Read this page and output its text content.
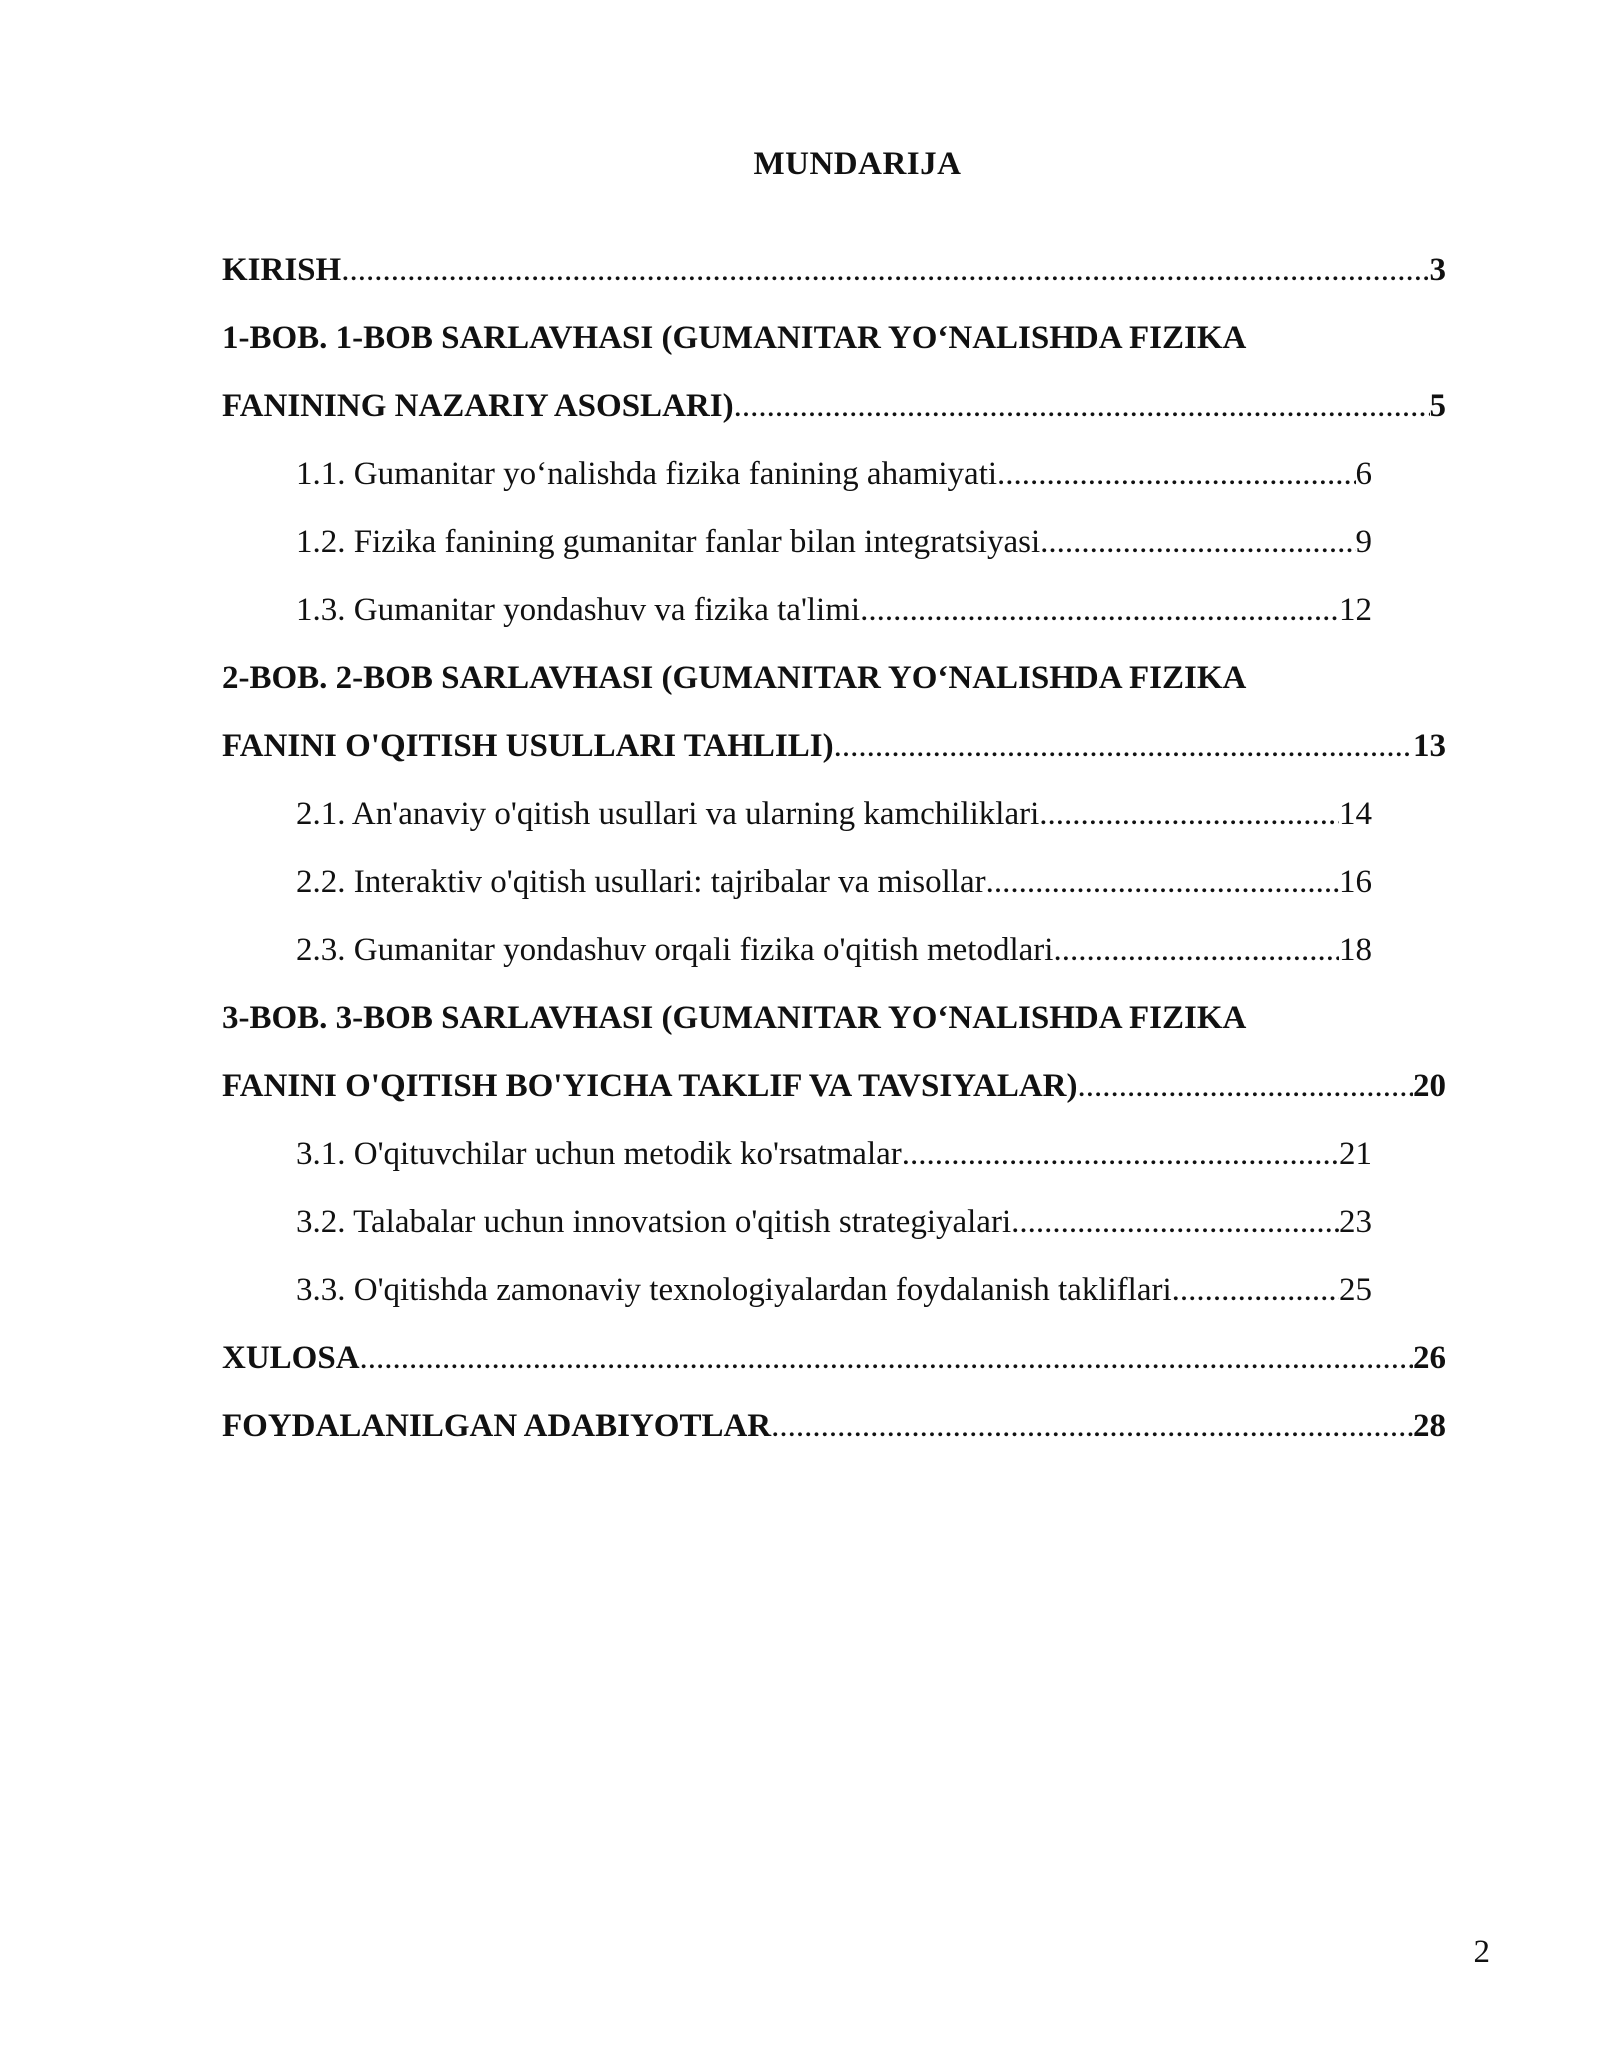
MUNDARIJA
KIRISH .....	3
1-BOB. 1-BOB SARLAVHASI (GUMANITAR YO‘NALISHDA FIZIKA
FANINING NAZARIY ASOSLARI) .....	5
1.1. Gumanitar yo‘nalishda fizika fanining ahamiyati .....	6
1.2. Fizika fanining gumanitar fanlar bilan integratsiyasi .....	9
1.3. Gumanitar yondashuv va fizika ta'limi .....	12
2-BOB. 2-BOB SARLAVHASI (GUMANITAR YO‘NALISHDA FIZIKA
FANINI O'QITISH USULLARI TAHLILI) .....	13
2.1. An'anaviy o'qitish usullari va ularning kamchiliklari .....	14
2.2. Interaktiv o'qitish usullari: tajribalar va misollar .....	16
2.3. Gumanitar yondashuv orqali fizika o'qitish metodlari .....	18
3-BOB. 3-BOB SARLAVHASI (GUMANITAR YO‘NALISHDA FIZIKA
FANINI O'QITISH BO'YICHA TAKLIF VA TAVSIYALAR) .....	20
3.1. O'qituvchilar uchun metodik ko'rsatmalar .....	21
3.2. Talabalar uchun innovatsion o'qitish strategiyalari .....	23
3.3. O'qitishda zamonaviy texnologiyalardan foydalanish takliflari .....	25
XULOSA .....	26
FOYDALANILGAN ADABIYOTLAR .....	28
2
